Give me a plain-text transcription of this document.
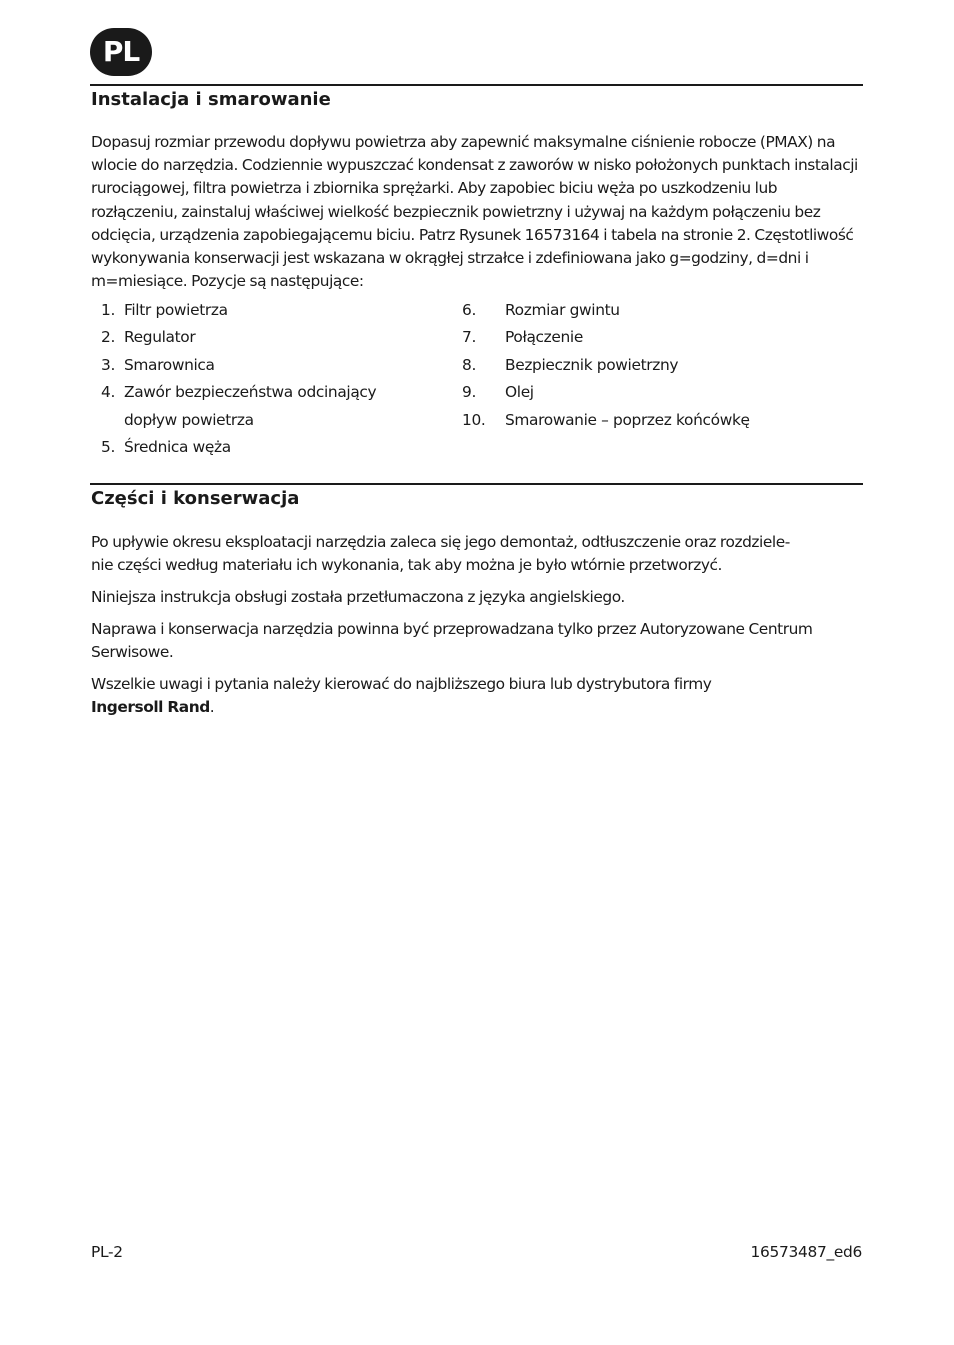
PL
Instalacja i smarowanie

Dopasuj rozmiar przewodu dopływu powietrza aby zapewnić maksymalne ciśnienie robocze (PMAX) na wlocie do narzędzia. Codziennie wypuszczać kondensat z zaworów w nisko położonych punktach instalacji rurociągowej, filtra powietrza i zbiornika sprężarki. Aby zapobiec biciu węża po uszkodzeniu lub rozłączeniu, zainstaluj właściwej wielkość bezpiecznik powietrzny i używaj na każdym połączeniu bez odcięcia, urządzenia zapobiegającemu biciu. Patrz Rysunek 16573164 i tabela na stronie 2. Częstotliwość wykonywania konserwacji jest wskazana w okrągłej strzałce i zdefiniowana jako g=godziny, d=dni i m=miesiące. Pozycje są następujące:

1. Filtr powietrza
2. Regulator
3. Smarownica
4. Zawór bezpieczeństwa odcinający dopływ powietrza
5. Średnica węża
6.	Rozmiar gwintu
7.	Połączenie
8.	Bezpiecznik powietrzny
9.	Olej
10. Smarowanie – poprzez końcówkę
Części i konserwacja

Po upływie okresu eksploatacji narzędzia zaleca się jego demontaż, odtłuszczenie oraz rozdziele-
nie części według materiału ich wykonania, tak aby można je było wtórnie przetworzyć.

Niniejsza instrukcja obsługi została przetłumaczona z języka angielskiego.

Naprawa i konserwacja narzędzia powinna być przeprowadzana tylko przez Autoryzowane Centrum Serwisowe.

Wszelkie uwagi i pytania należy kierować do najbliższego biura lub dystrybutora firmy
Ingersoll Rand.

PL-2	16573487_ed6
